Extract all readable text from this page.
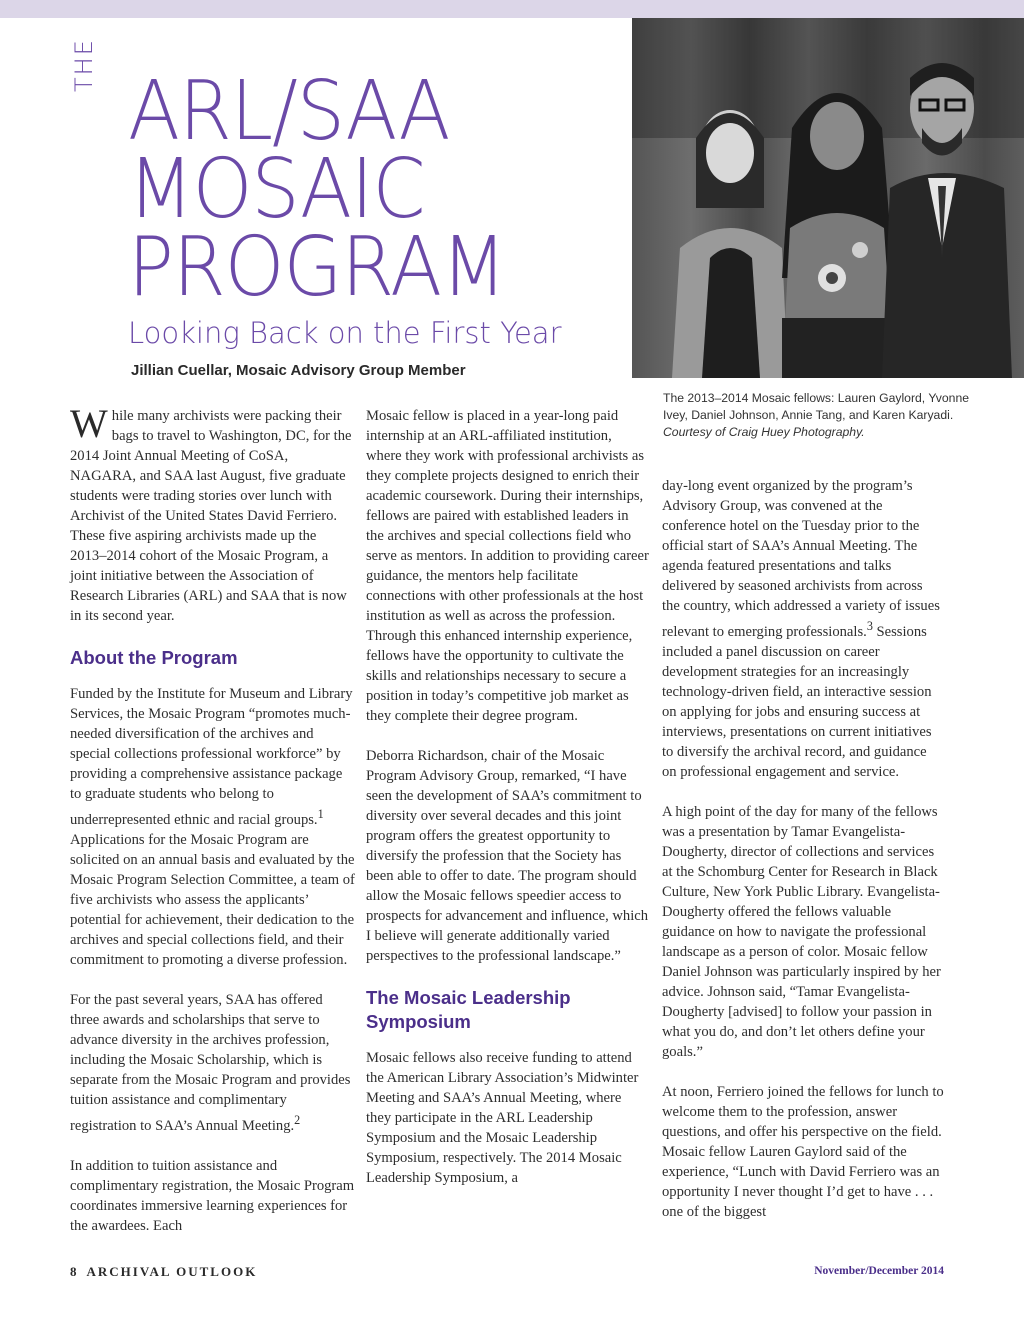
THE ARL/SAA
MOSAIC
PROGRAM
Looking Back on the First Year
Jillian Cuellar, Mosaic Advisory Group Member
The 2013–2014 Mosaic fellows: Lauren Gaylord, Yvonne Ivey, Daniel Johnson, Annie Tang, and Karen Karyadi. Courtesy of Craig Huey Photography.

While many archivists were packing their bags to travel to Washington, DC, for the 2014 Joint Annual Meeting of CoSA, NAGARA, and SAA last August, five graduate students were trading stories over lunch with Archivist of the United States David Ferriero. These five aspiring archivists made up the 2013–2014 cohort of the Mosaic Program, a joint initiative between the Association of Research Libraries (ARL) and SAA that is now in its second year.

About the Program

Funded by the Institute for Museum and Library Services, the Mosaic Program “promotes much-needed diversification of the archives and special collections professional workforce” by providing a comprehensive assistance package to graduate students who belong to underrepresented ethnic and racial groups.$^1$ Applications for the Mosaic Program are solicited on an annual basis and evaluated by the Mosaic Program Selection Committee, a team of five archivists who assess the applicants’ potential for achievement, their dedication to the archives and special collections field, and their commitment to promoting a diverse profession.

For the past several years, SAA has offered three awards and scholarships that serve to advance diversity in the archives profession, including the Mosaic Scholarship, which is separate from the Mosaic Program and provides tuition assistance and complimentary registration to SAA’s Annual Meeting.$^2$

In addition to tuition assistance and complimentary registration, the Mosaic Program coordinates immersive learning experiences for the awardees. Each

Mosaic fellow is placed in a year-long paid internship at an ARL-affiliated institution, where they work with professional archivists as they complete projects designed to enrich their academic coursework. During their internships, fellows are paired with established leaders in the archives and special collections field who serve as mentors. In addition to providing career guidance, the mentors help facilitate connections with other professionals at the host institution as well as across the profession. Through this enhanced internship experience, fellows have the opportunity to cultivate the skills and relationships necessary to secure a position in today’s competitive job market as they complete their degree program.

Deborra Richardson, chair of the Mosaic Program Advisory Group, remarked, “I have seen the development of SAA’s commitment to diversity over several decades and this joint program offers the greatest opportunity to diversify the profession that the Society has been able to offer to date. The program should allow the Mosaic fellows speedier access to prospects for advancement and influence, which I believe will generate additionally varied perspectives to the professional landscape.”

The Mosaic Leadership Symposium

Mosaic fellows also receive funding to attend the American Library Association’s Midwinter Meeting and SAA’s Annual Meeting, where they participate in the ARL Leadership Symposium and the Mosaic Leadership Symposium, respectively. The 2014 Mosaic Leadership Symposium, a

day-long event organized by the program’s Advisory Group, was convened at the conference hotel on the Tuesday prior to the official start of SAA’s Annual Meeting. The agenda featured presentations and talks delivered by seasoned archivists from across the country, which addressed a variety of issues relevant to emerging professionals.$^3$ Sessions included a panel discussion on career development strategies for an increasingly technology-driven field, an interactive session on applying for jobs and ensuring success at interviews, presentations on current initiatives to diversify the archival record, and guidance on professional engagement and service.

A high point of the day for many of the fellows was a presentation by Tamar Evangelista-Dougherty, director of collections and services at the Schomburg Center for Research in Black Culture, New York Public Library. Evangelista-Dougherty offered the fellows valuable guidance on how to navigate the professional landscape as a person of color. Mosaic fellow Daniel Johnson was particularly inspired by her advice. Johnson said, “Tamar Evangelista-Dougherty [advised] to follow your passion in what you do, and don’t let others define your goals.”

At noon, Ferriero joined the fellows for lunch to welcome them to the profession, answer questions, and offer his perspective on the field. Mosaic fellow Lauren Gaylord said of the experience, “Lunch with David Ferriero was an opportunity I never thought I’d get to have . . . one of the biggest

8 ARCHIVAL OUTLOOK	November/December 2014
